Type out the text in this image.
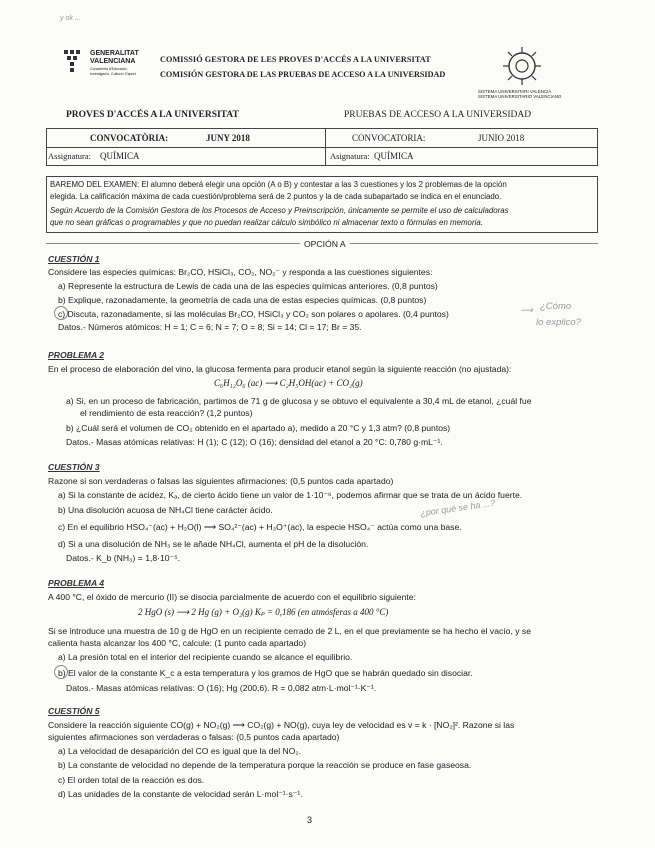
y ok ...
GENERALITAT
VALENCIANA
Conselleria d'Educació, Investigació, Cultura i Esport
COMISSIÓ GESTORA DE LES PROVES D'ACCÉS A LA UNIVERSITAT
COMISIÓN GESTORA DE LAS PRUEBAS DE ACCESO A LA UNIVERSIDAD
SISTEMA UNIVERSITARI VALENCIÀ
SISTEMA UNIVERSITARIO VALENCIANO
PROVES D'ACCÉS A LA UNIVERSITAT	PRUEBAS DE ACCESO A LA UNIVERSIDAD
CONVOCATÒRIA:	JUNY 2018	CONVOCATORIA:	JUNIO 2018
Assignatura: QUÍMICA	Asignatura: QUÍMICA
BAREMO DEL EXAMEN: El alumno deberá elegir una opción (A o B) y contestar a las 3 cuestiones y los 2 problemas de la opción
elegida. La calificación máxima de cada cuestión/problema será de 2 puntos y la de cada subapartado se indica en el enunciado.
Según Acuerdo de la Comisión Gestora de los Procesos de Acceso y Preinscripción, únicamente se permite el uso de calculadoras
que no sean gráficas o programables y que no puedan realizar cálculo simbólico ni almacenar texto o fórmulas en memoria.
OPCIÓN A
CUESTIÓN 1
Considere las especies químicas: Br₂CO, HSiCl₃, CO₂, NO₂⁻ y responda a las cuestiones siguientes:
a) Represente la estructura de Lewis de cada una de las especies químicas anteriores. (0,8 puntos)
b) Explique, razonadamente, la geometría de cada una de estas especies químicas. (0,8 puntos)
c) Discuta, razonadamente, si las moléculas Br₂CO, HSiCl₃ y CO₂ son polares o apolares. (0,4 puntos)
Datos.- Números atómicos: H = 1; C = 6; N = 7; O = 8; Si = 14; Cl = 17; Br = 35.
⟶ ¿Cómo
lo explico?
PROBLEMA 2
En el proceso de elaboración del vino, la glucosa fermenta para producir etanol según la siguiente reacción (no ajustada):
C₆H₁₂O₆ (ac) ⟶ C₂H₅OH(ac) + CO₂(g)
a) Si, en un proceso de fabricación, partimos de 71 g de glucosa y se obtuvo el equivalente a 30,4 mL de etanol, ¿cuál fue
el rendimiento de esta reacción? (1,2 puntos)
b) ¿Cuál será el volumen de CO₂ obtenido en el apartado a), medido a 20 °C y 1,3 atm? (0,8 puntos)
Datos.- Masas atómicas relativas: H (1); C (12); O (16); densidad del etanol a 20 °C: 0,780 g·mL⁻¹.
CUESTIÓN 3
Razone si son verdaderas o falsas las siguientes afirmaciones: (0,5 puntos cada apartado)
a) Si la constante de acidez, Kₐ, de cierto ácido tiene un valor de 1·10⁻⁶, podemos afirmar que se trata de un ácido fuerte.
b) Una disolución acuosa de NH₄Cl tiene carácter ácido.	¿por qué se ha ...?
c) En el equilibrio HSO₄⁻(ac) + H₂O(l) ⟶ SO₄²⁻(ac) + H₃O⁺(ac), la especie HSO₄⁻ actúa como una base.
d) Si a una disolución de NH₃ se le añade NH₄Cl, aumenta el pH de la disolución.
Datos.- K_b (NH₃) = 1,8·10⁻⁵.
PROBLEMA 4
A 400 °C, el óxido de mercurio (II) se disocia parcialmente de acuerdo con el equilibrio siguiente:
2 HgO (s) ⟶ 2 Hg (g) + O₂(g) Kₚ = 0,186 (en atmósferas a 400 °C)
Si se introduce una muestra de 10 g de HgO en un recipiente cerrado de 2 L, en el que previamente se ha hecho el vacío, y se
calienta hasta alcanzar los 400 °C, calcule: (1 punto cada apartado)
a) La presión total en el interior del recipiente cuando se alcance el equilibrio.
b) El valor de la constante K_c a esta temperatura y los gramos de HgO que se habrán quedado sin disociar.
Datos.- Masas atómicas relativas: O (16); Hg (200,6). R = 0,082 atm·L·mol⁻¹·K⁻¹.
CUESTIÓN 5
Considere la reacción siguiente CO(g) + NO₂(g) ⟶ CO₂(g) + NO(g), cuya ley de velocidad es v = k · [NO₂]². Razone si las
siguientes afirmaciones son verdaderas o falsas: (0,5 puntos cada apartado)
a) La velocidad de desaparición del CO es igual que la del NO₂.
b) La constante de velocidad no depende de la temperatura porque la reacción se produce en fase gaseosa.
c) El orden total de la reacción es dos.
d) Las unidades de la constante de velocidad serán L·mol⁻¹·s⁻¹.
3
